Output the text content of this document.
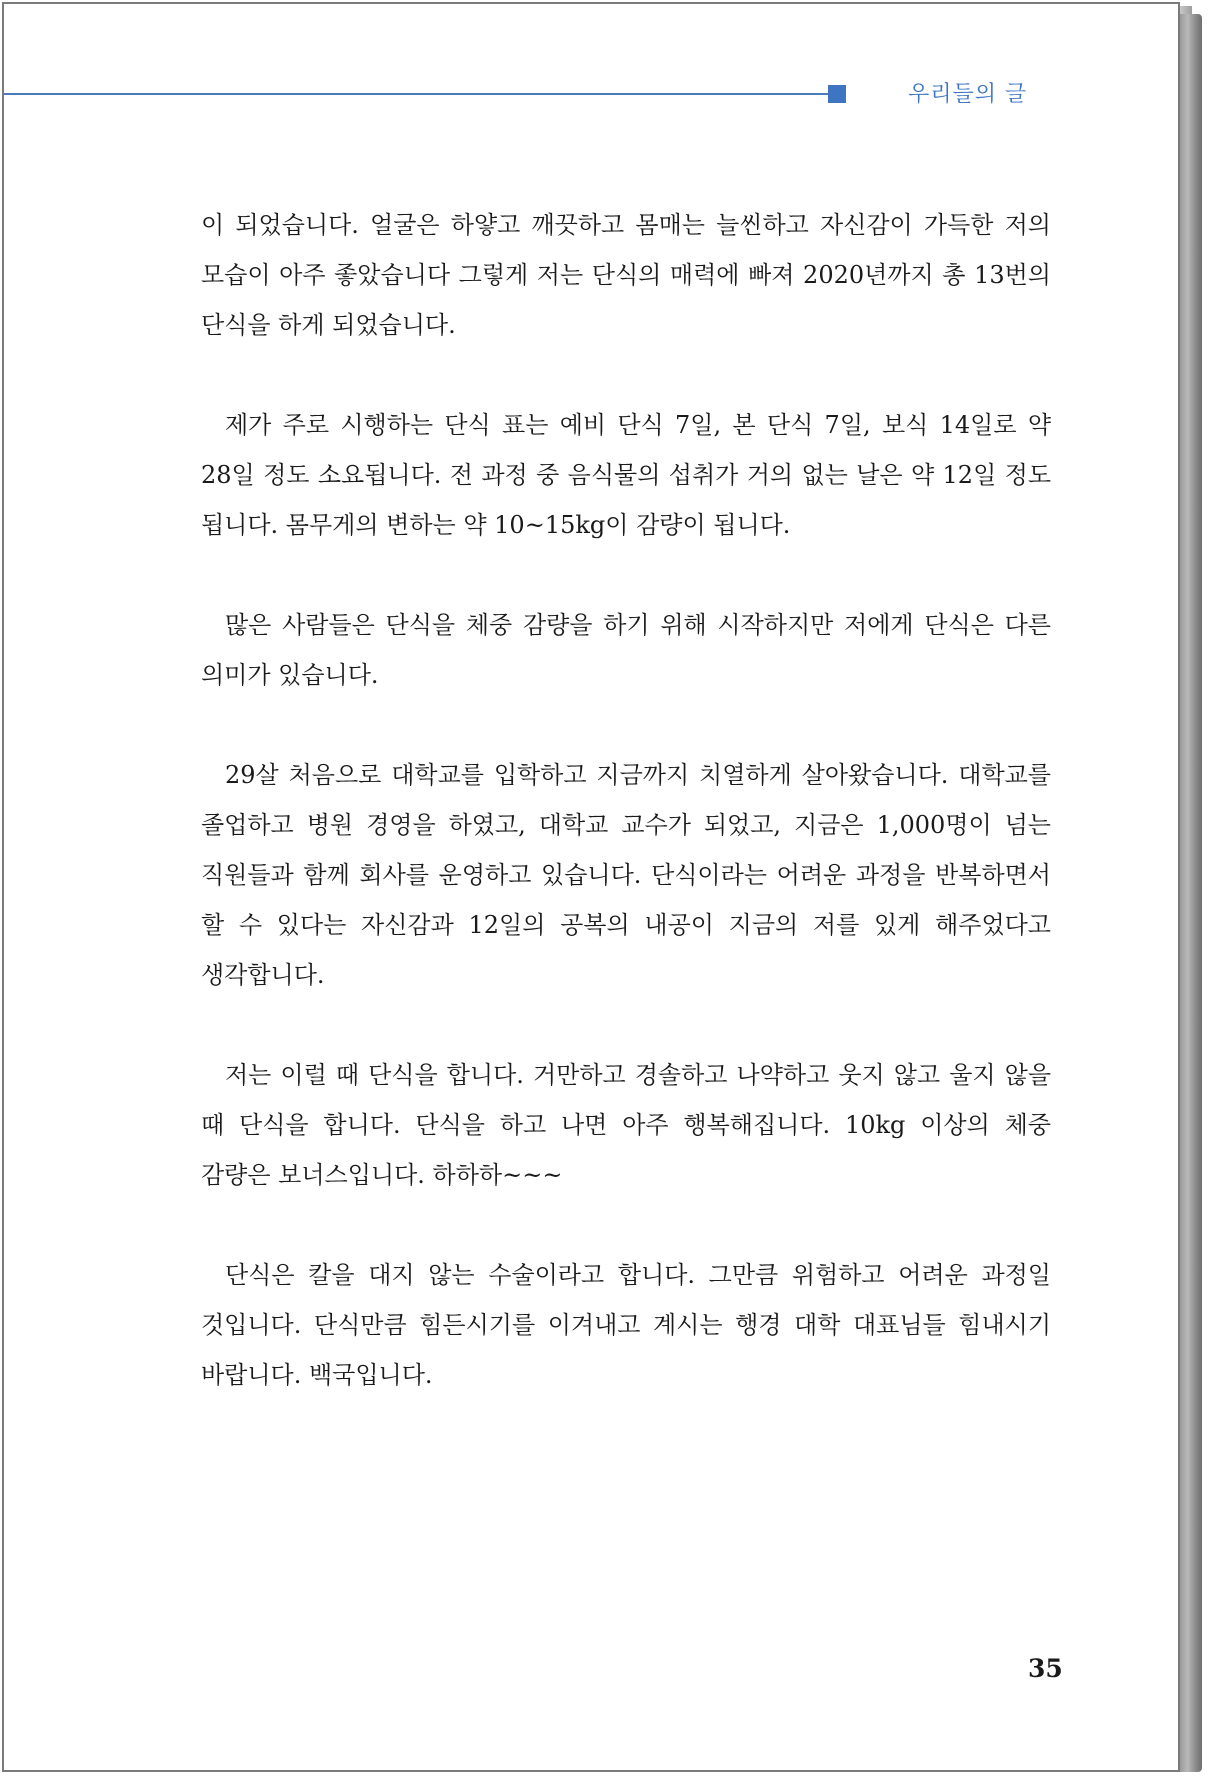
우리들의 글

이 되었습니다. 얼굴은 하얗고 깨끗하고 몸매는 늘씬하고 자신감이 가득한 저의 모습이 아주 좋았습니다 그렇게 저는 단식의 매력에 빠져 2020년까지 총 13번의 단식을 하게 되었습니다.

제가 주로 시행하는 단식 표는 예비 단식 7일, 본 단식 7일, 보식 14일로 약 28일 정도 소요됩니다. 전 과정 중 음식물의 섭취가 거의 없는 날은 약 12일 정도 됩니다. 몸무게의 변하는 약 10~15kg이 감량이 됩니다.

많은 사람들은 단식을 체중 감량을 하기 위해 시작하지만 저에게 단식은 다른 의미가 있습니다.

29살 처음으로 대학교를 입학하고 지금까지 치열하게 살아왔습니다. 대학교를 졸업하고 병원 경영을 하였고, 대학교 교수가 되었고, 지금은 1,000명이 넘는 직원들과 함께 회사를 운영하고 있습니다. 단식이라는 어려운 과정을 반복하면서 할 수 있다는 자신감과 12일의 공복의 내공이 지금의 저를 있게 해주었다고 생각합니다.

저는 이럴 때 단식을 합니다. 거만하고 경솔하고 나약하고 웃지 않고 울지 않을 때 단식을 합니다. 단식을 하고 나면 아주 행복해집니다. 10kg 이상의 체중 감량은 보너스입니다. 하하하~~~

단식은 칼을 대지 않는 수술이라고 합니다. 그만큼 위험하고 어려운 과정일 것입니다. 단식만큼 힘든시기를 이겨내고 계시는 행경 대학 대표님들 힘내시기 바랍니다. 백국입니다.

35
